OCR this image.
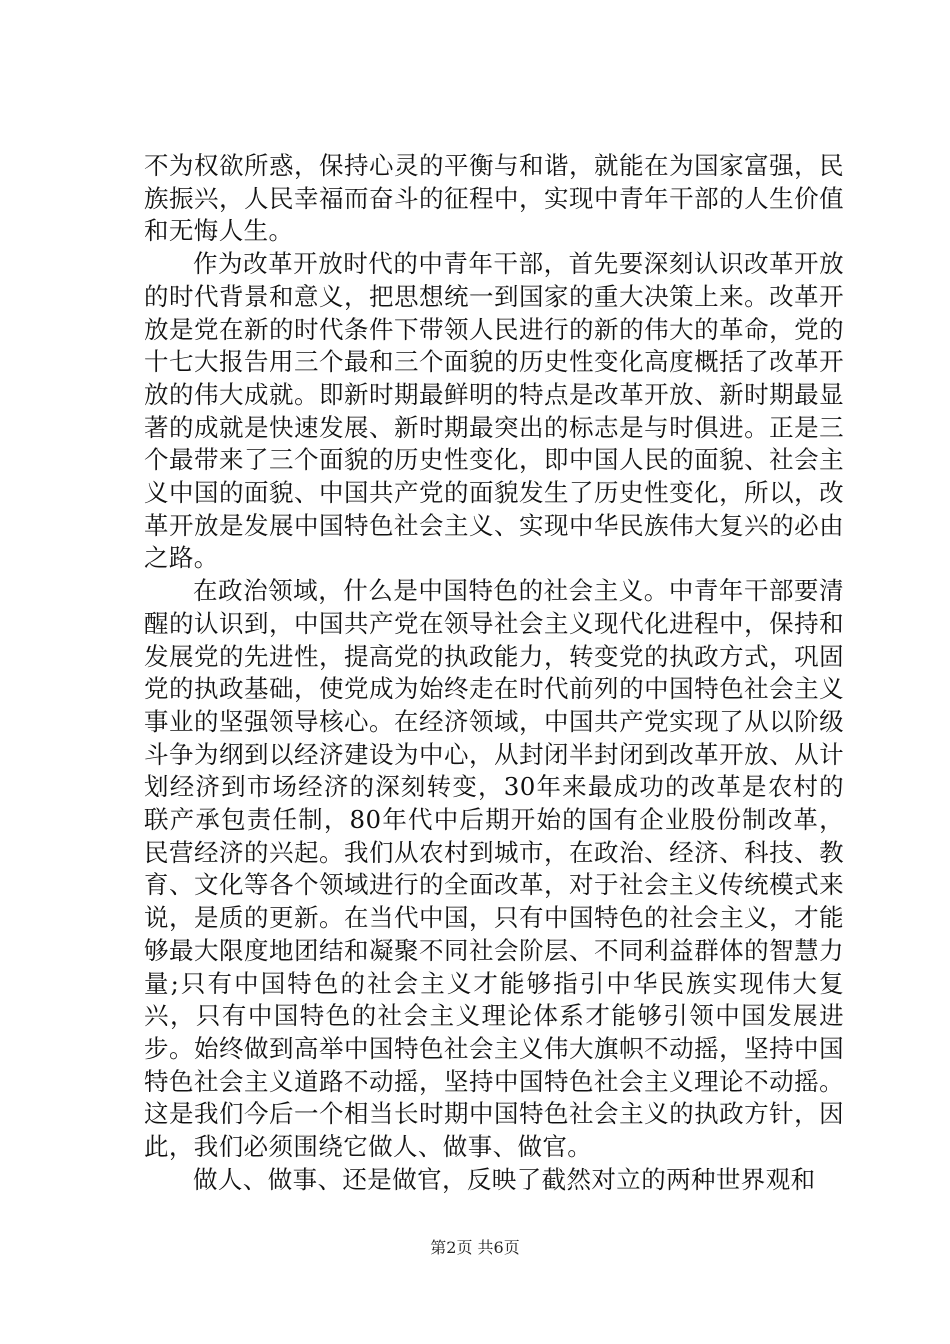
不为权欲所惑，保持心灵的平衡与和谐，就能在为国家富强，民族振兴，人民幸福而奋斗的征程中，实现中青年干部的人生价值和无悔人生。

作为改革开放时代的中青年干部，首先要深刻认识改革开放的时代背景和意义，把思想统一到国家的重大决策上来。改革开放是党在新的时代条件下带领人民进行的新的伟大的革命，党的十七大报告用三个最和三个面貌的历史性变化高度概括了改革开放的伟大成就。即新时期最鲜明的特点是改革开放、新时期最显著的成就是快速发展、新时期最突出的标志是与时俱进。正是三个最带来了三个面貌的历史性变化，即中国人民的面貌、社会主义中国的面貌、中国共产党的面貌发生了历史性变化，所以，改革开放是发展中国特色社会主义、实现中华民族伟大复兴的必由之路。

在政治领域，什么是中国特色的社会主义。中青年干部要清醒的认识到，中国共产党在领导社会主义现代化进程中，保持和发展党的先进性，提高党的执政能力，转变党的执政方式，巩固党的执政基础，使党成为始终走在时代前列的中国特色社会主义事业的坚强领导核心。在经济领域，中国共产党实现了从以阶级斗争为纲到以经济建设为中心，从封闭半封闭到改革开放、从计划经济到市场经济的深刻转变，30年来最成功的改革是农村的联产承包责任制，80年代中后期开始的国有企业股份制改革，民营经济的兴起。我们从农村到城市，在政治、经济、科技、教育、文化等各个领域进行的全面改革，对于社会主义传统模式来说，是质的更新。在当代中国，只有中国特色的社会主义，才能够最大限度地团结和凝聚不同社会阶层、不同利益群体的智慧力量;只有中国特色的社会主义才能够指引中华民族实现伟大复兴，只有中国特色的社会主义理论体系才能够引领中国发展进步。始终做到高举中国特色社会主义伟大旗帜不动摇，坚持中国特色社会主义道路不动摇，坚持中国特色社会主义理论不动摇。这是我们今后一个相当长时期中国特色社会主义的执政方针，因此，我们必须围绕它做人、做事、做官。

做人、做事、还是做官，反映了截然对立的两种世界观和

第2页 共6页
